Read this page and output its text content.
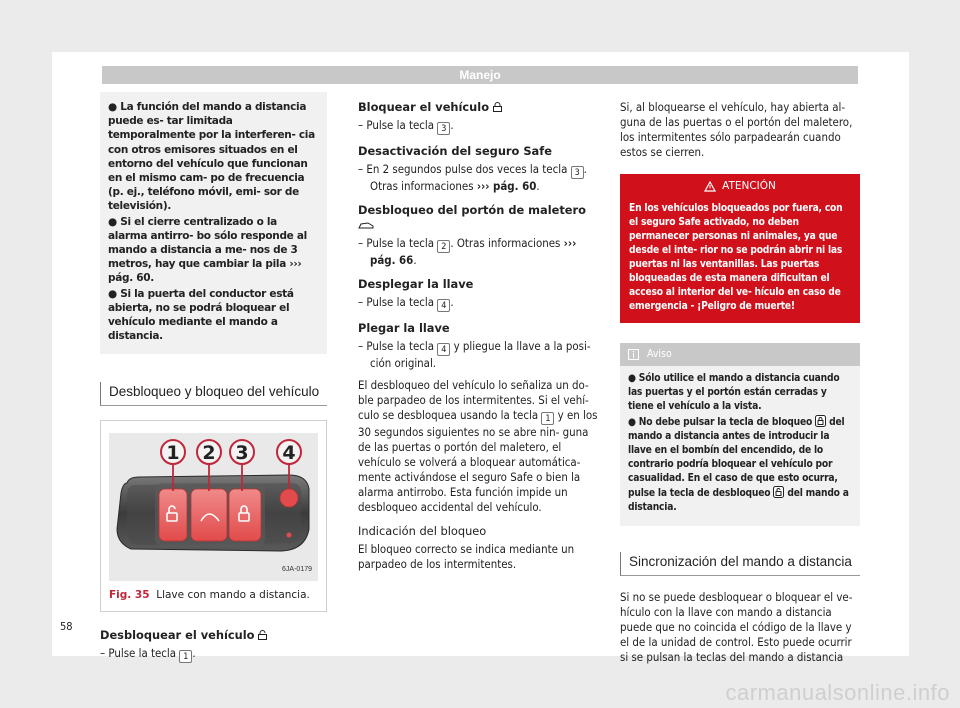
Manejo

● La función del mando a distancia puede es- tar limitada temporalmente por la interferen- cia con otros emisores situados en el entorno del vehículo que funcionan en el mismo cam- po de frecuencia (p. ej., teléfono móvil, emi- sor de televisión).

● Si el cierre centralizado o la alarma antirro- bo sólo responde al mando a distancia a me- nos de 3 metros, hay que cambiar la pila ››› pág. 60.

● Si la puerta del conductor está abierta, no se podrá bloquear el vehículo mediante el mando a distancia.

Desbloqueo y bloqueo del vehículo
1 2 3 4
6JA-0179
Fig. 35 Llave con mando a distancia.
Desbloquear el vehículo

– Pulse la tecla 1 .

Bloquear el vehículo

– Pulse la tecla 3 .

Desactivación del seguro Safe

– En 2 segundos pulse dos veces la tecla 3 . Otras informaciones ››› pág. 60.

Desbloqueo del portón de maletero

– Pulse la tecla 2 . Otras informaciones ››› pág. 66.

Desplegar la llave

– Pulse la tecla 4 .

Plegar la llave

– Pulse la tecla 4 y pliegue la llave a la posi- ción original.

El desbloqueo del vehículo lo señaliza un do- ble parpadeo de los intermitentes. Si el vehí- culo se desbloquea usando la tecla 1 y en los 30 segundos siguientes no se abre nin- guna de las puertas o portón del maletero, el vehículo se volverá a bloquear automática- mente activándose el seguro Safe o bien la alarma antirrobo. Esta función impide un desbloqueo accidental del vehículo.

Indicación del bloqueo

El bloqueo correcto se indica mediante un parpadeo de los intermitentes.

Si, al bloquearse el vehículo, hay abierta al- guna de las puertas o el portón del maletero, los intermitentes sólo parpadearán cuando estos se cierren.

ATENCIÓN
En los vehículos bloqueados por fuera, con el seguro Safe activado, no deben permanecer personas ni animales, ya que desde el inte- rior no se podrán abrir ni las puertas ni las ventanillas. Las puertas bloqueadas de esta manera dificultan el acceso al interior del ve- hículo en caso de emergencia - ¡Peligro de muerte!
Aviso

● Sólo utilice el mando a distancia cuando las puertas y el portón están cerradas y tiene el vehículo a la vista.

● No debe pulsar la tecla de bloqueo del mando a distancia antes de introducir la llave en el bombín del encendido, de lo contrario podría bloquear el vehículo por casualidad. En el caso de que esto ocurra, pulse la tecla de desbloqueo del mando a distancia.

Sincronización del mando a distancia

Si no se puede desbloquear o bloquear el ve- hículo con la llave con mando a distancia puede que no coincida el código de la llave y el de la unidad de control. Esto puede ocurrir si se pulsan la teclas del mando a distancia

58
carmanualsonline.info
